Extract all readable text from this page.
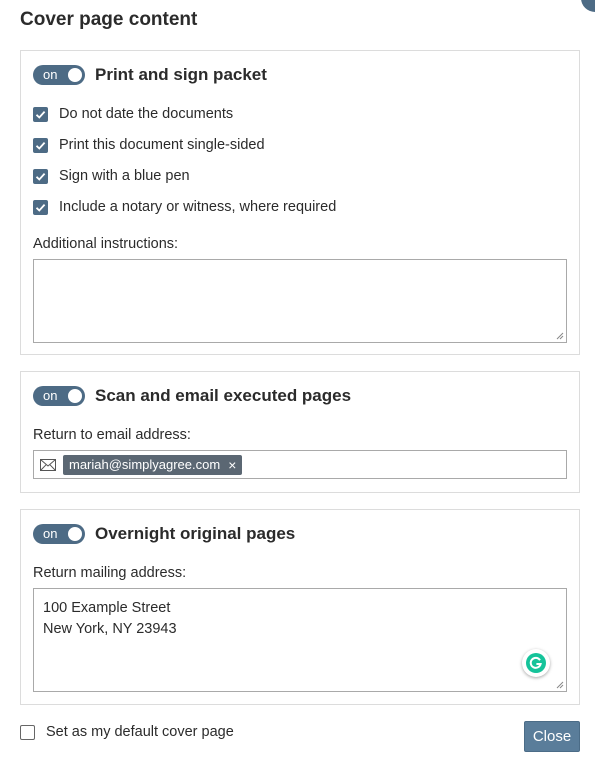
Cover page content
on Print and sign packet
Do not date the documents
Print this document single-sided
Sign with a blue pen
Include a notary or witness, where required
Additional instructions:
on Scan and email executed pages
Return to email address:
mariah@simplyagree.com ×
on Overnight original pages
Return mailing address:
100 Example Street
New York, NY 23943
Set as my default cover page	Close
